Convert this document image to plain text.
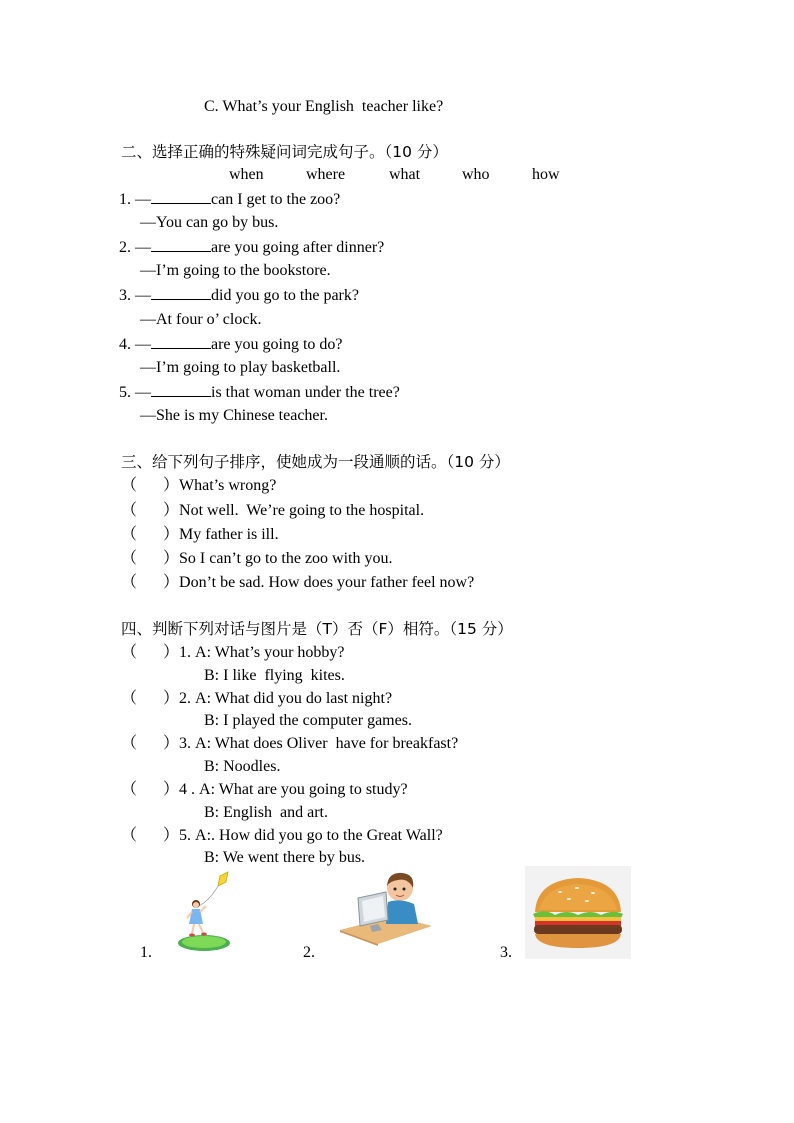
C. What’s your English  teacher like?
二、选择正确的特殊疑问词完成句子。（10 分）
when	where	what	who	how
1. —	can I get to the zoo?
—You can go by bus.
2. —	are you going after dinner?
—I’m going to the bookstore.
3. —	did you go to the park?
—At four o’ clock.
4. —	are you going to do?
—I’m going to play basketball.
5. —	is that woman under the tree?
—She is my Chinese teacher.
三、给下列句子排序，使她成为一段通顺的话。（10 分）
（ ）What’s wrong?
（ ）Not well.  We’re going to the hospital.
（ ）My father is ill.
（ ）So I can’t go to the zoo with you.
（ ）Don’t be sad. How does your father feel now?
四、判断下列对话与图片是（T）否（F）相符。（15 分）
（ ）1. A: What’s your hobby?
B: I like  flying  kites.
（ ）2. A: What did you do last night?
B: I played the computer games.
（ ）3. A: What does Oliver  have for breakfast?
B: Noodles.
（ ）4 . A: What are you going to study?
B: English  and art.
（ ）5. A:. How did you go to the Great Wall?
B: We went there by bus.
1.	2.	3.
